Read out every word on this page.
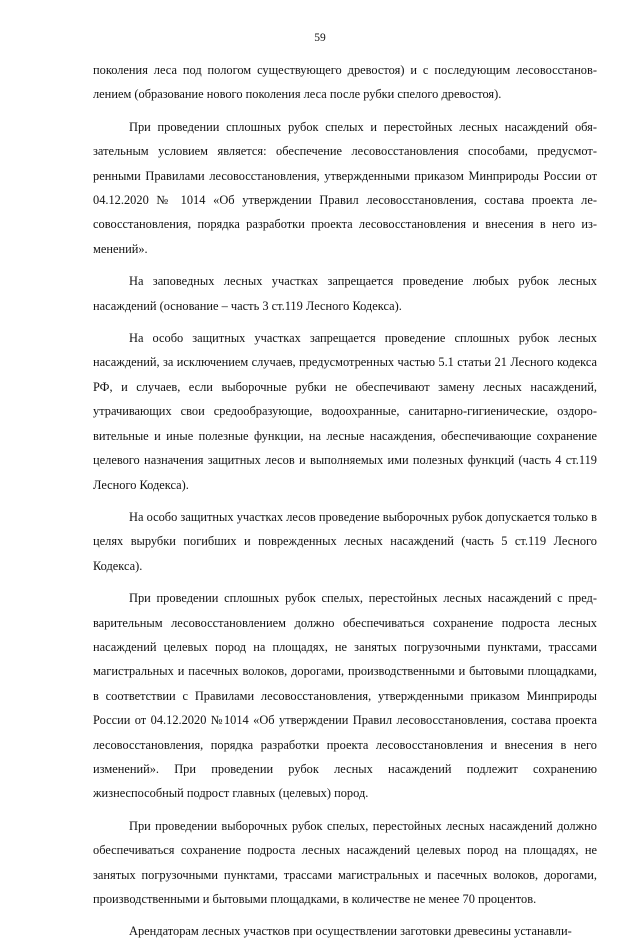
59

поколения леса под пологом существующего древостоя) и с последующим лесовосстановлением (образование нового поколения леса после рубки спелого древостоя).

При проведении сплошных рубок спелых и перестойных лесных насаждений обязательным условием является: обеспечение лесовосстановления способами, предусмотренными Правилами лесовосстановления, утвержденными приказом Минприроды России от 04.12.2020 № 1014 «Об утверждении Правил лесовосстановления, состава проекта лесовосстановления, порядка разработки проекта лесовосстановления и внесения в него изменений».

На заповедных лесных участках запрещается проведение любых рубок лесных насаждений (основание – часть 3 ст.119 Лесного Кодекса).

На особо защитных участках запрещается проведение сплошных рубок лесных насаждений, за исключением случаев, предусмотренных частью 5.1 статьи 21 Лесного кодекса РФ, и случаев, если выборочные рубки не обеспечивают замену лесных насаждений, утрачивающих свои средообразующие, водоохранные, санитарно-гигиенические, оздоровительные и иные полезные функции, на лесные насаждения, обеспечивающие сохранение целевого назначения защитных лесов и выполняемых ими полезных функций (часть 4 ст.119 Лесного Кодекса).

На особо защитных участках лесов проведение выборочных рубок допускается только в целях вырубки погибших и поврежденных лесных насаждений (часть 5 ст.119 Лесного Кодекса).

При проведении сплошных рубок спелых, перестойных лесных насаждений с предварительным лесовосстановлением должно обеспечиваться сохранение подроста лесных насаждений целевых пород на площадях, не занятых погрузочными пунктами, трассами магистральных и пасечных волоков, дорогами, производственными и бытовыми площадками, в соответствии с Правилами лесовосстановления, утвержденными приказом Минприроды России от 04.12.2020 №1014 «Об утверждении Правил лесовосстановления, состава проекта лесовосстановления, порядка разработки проекта лесовосстановления и внесения в него изменений». При проведении рубок лесных насаждений подлежит сохранению жизнеспособный подрост главных (целевых) пород.

При проведении выборочных рубок спелых, перестойных лесных насаждений должно обеспечиваться сохранение подроста лесных насаждений целевых пород на площадях, не занятых погрузочными пунктами, трассами магистральных и пасечных волоков, дорогами, производственными и бытовыми площадками, в количестве не менее 70 процентов.

Арендаторам лесных участков при осуществлении заготовки древесины устанавли-
